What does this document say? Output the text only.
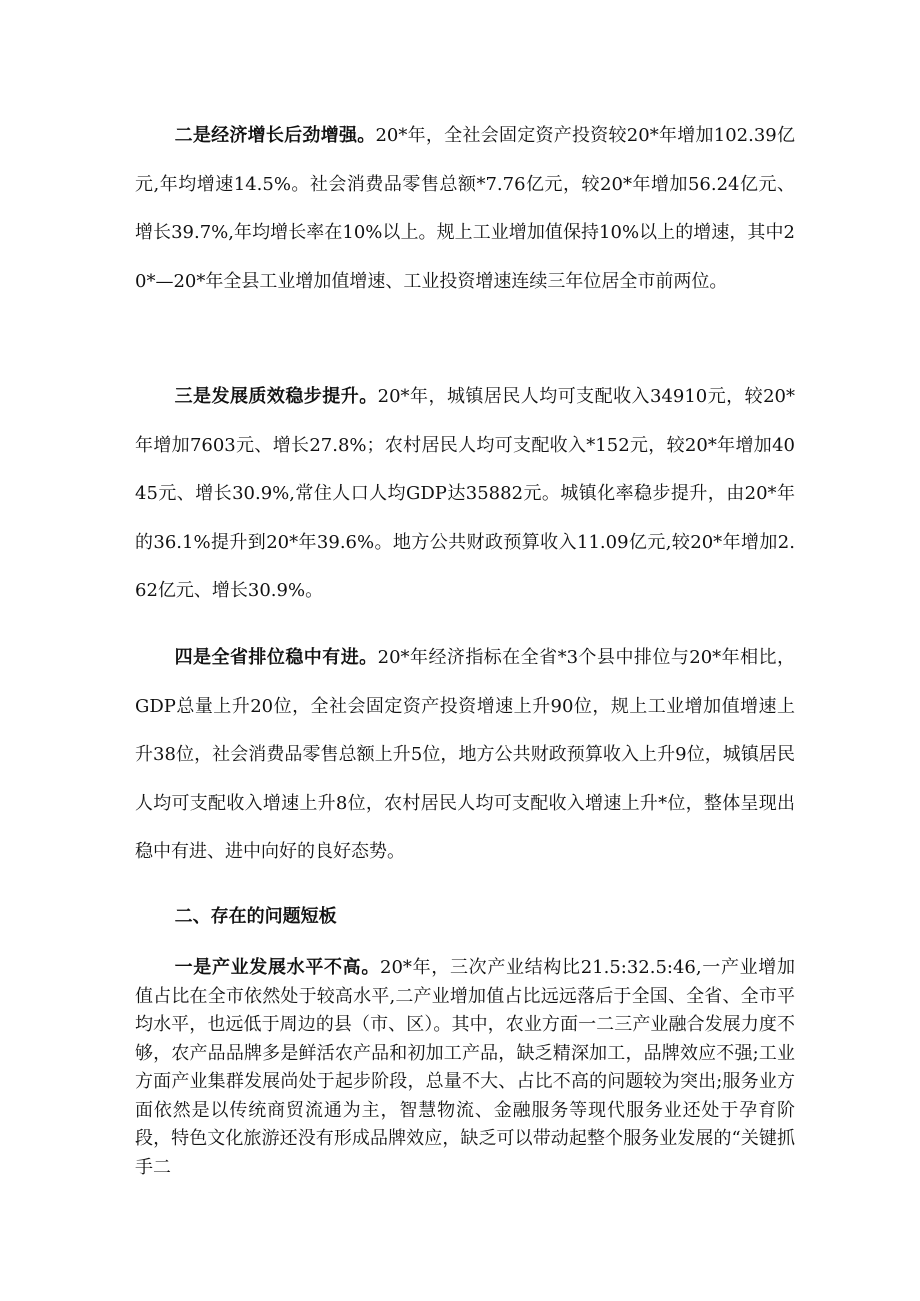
二是经济增长后劲增强。20*年，全社会固定资产投资较20*年增加102.39亿元,年均增速14.5%。社会消费品零售总额*7.76亿元，较20*年增加56.24亿元、增长39.7%,年均增长率在10%以上。规上工业增加值保持10%以上的增速，其中20*—20*年全县工业增加值增速、工业投资增速连续三年位居全市前两位。

三是发展质效稳步提升。20*年，城镇居民人均可支配收入34910元，较20*年增加7603元、增长27.8%；农村居民人均可支配收入*152元，较20*年增加4045元、增长30.9%,常住人口人均GDP达35882元。城镇化率稳步提升，由20*年的36.1%提升到20*年39.6%。地方公共财政预算收入11.09亿元,较20*年增加2.62亿元、增长30.9%。

四是全省排位稳中有进。20*年经济指标在全省*3个县中排位与20*年相比，GDP总量上升20位，全社会固定资产投资增速上升90位，规上工业增加值增速上升38位，社会消费品零售总额上升5位，地方公共财政预算收入上升9位，城镇居民人均可支配收入增速上升8位，农村居民人均可支配收入增速上升*位，整体呈现出稳中有进、进中向好的良好态势。

二、存在的问题短板

一是产业发展水平不高。20*年，三次产业结构比21.5:32.5:46,一产业增加值占比在全市依然处于较高水平,二产业增加值占比远远落后于全国、全省、全市平均水平，也远低于周边的县（市、区）。其中，农业方面一二三产业融合发展力度不够，农产品品牌多是鲜活农产品和初加工产品，缺乏精深加工，品牌效应不强;工业方面产业集群发展尚处于起步阶段，总量不大、占比不高的问题较为突出;服务业方面依然是以传统商贸流通为主，智慧物流、金融服务等现代服务业还处于孕育阶段，特色文化旅游还没有形成品牌效应，缺乏可以带动起整个服务业发展的“关键抓手二
